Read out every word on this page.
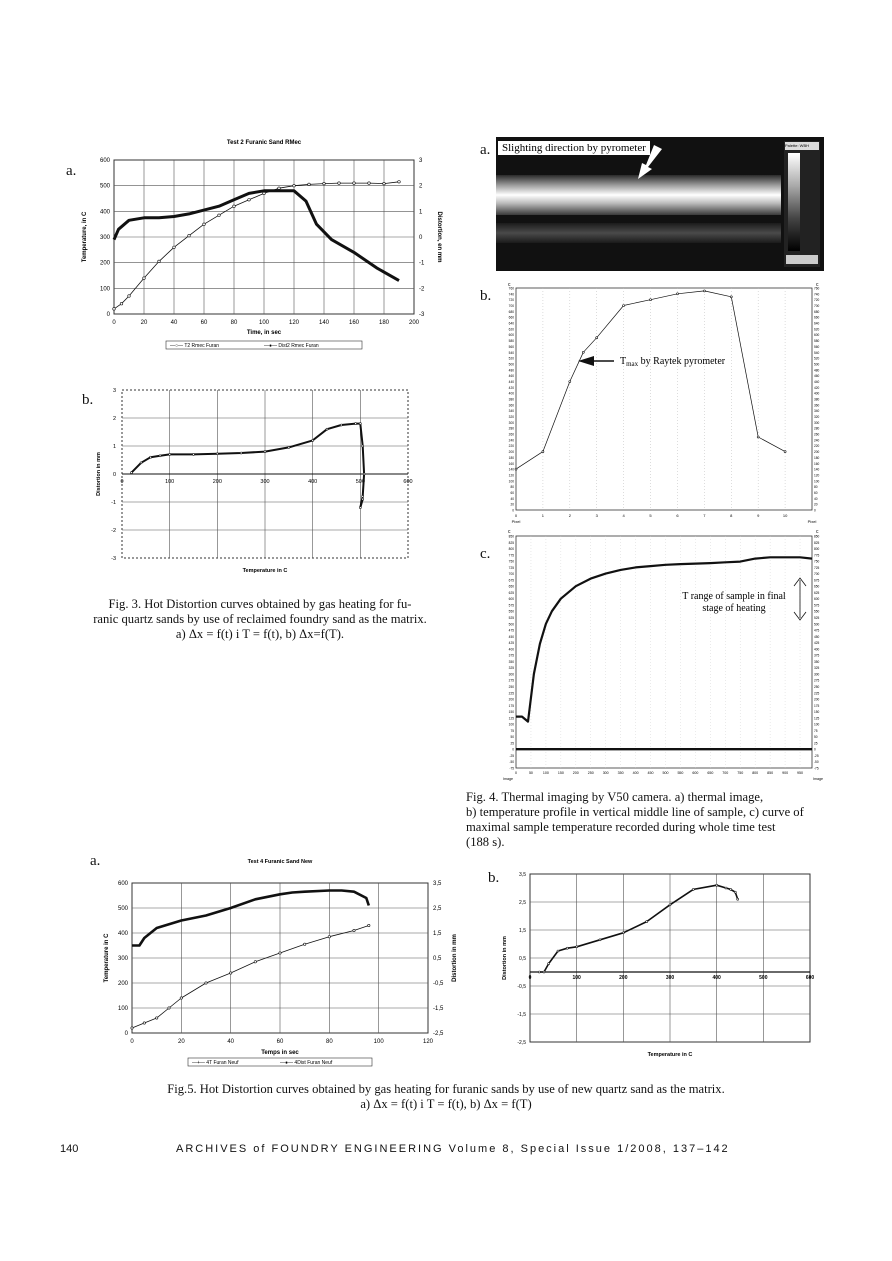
a.
Test 2 Furanic Sand RMec
0	20	40	60	80	100	120	140	160	180	200
0
100
200
300
400
500
600
-3
-2
-1
0
1
2
3
Time, in sec
Temperature, in C	Distortion, en mm
—○— T2 Rmec Furan	—●— Dist2 Rmec Furan
b.
0	100	200	300	400	500	600
-3
-2
-1
0
1
2
3
Temperature in C
Distortion in mm
Fig. 3. Hot Distortion curves obtained by gas heating for fu-
ranic quartz sands by use of reclaimed foundry sand as the matrix.
a) Δx = f(t) i T = f(t), b) Δx=f(T).
a.	Slighting direction by pyrometer	Palette: WBH
b.
c	c
0	0
20	20
40	40
60	60
80	80
100	100
120	120
140	140
160	160
180	180
200	200
220	220
240	240
260	260
280	280
300	300
320	320
340	340
360	360
380	380
400	400
420	420
440	440
460	460
480	480
500	500
520	520
540	540
560	560
580	580
600	600
620	620
640	640
660	660
680	680
700	700
720	720
740	740
760	760
0	1	2	3	4	5	6	7	8	9	10
Pixel	Pixel
$T_{max}$ by Raytek pyrometer
c.
c	c
-75	-75
-50	-50
-25	-25
0	0
25	25
50	50
75	75
100	100
125	125
150	150
175	175
200	200
225	225
250	250
275	275
300	300
325	325
350	350
375	375
400	400
425	425
450	450
475	475
500	500
525	525
550	550
575	575
600	600
625	625
650	650
675	675
700	700
725	725
750	750
775	775
800	800
825	825
850	850
0	50	100 150 200 250 300 350 400 450 500 550 600 650 700 750 800 850 900 950
Image	Image
T range of sample in final
stage of heating
Fig. 4. Thermal imaging by V50 camera. a) thermal image,
b) temperature profile in vertical middle line of sample, c) curve of
maximal sample temperature recorded during whole time test
(188 s).
a.	Test 4 Furanic Sand New
0	20	40	60	80	100	120
0
100
200
300
400
500
600
-2,5
-1,5
-0,5
0,5
1,5
2,5
3,5
Temps in sec
Temperature in C	Distortion in mm
—+— 4T Furan Neuf	—●— 4Dist Furan Neuf
b.
0	100	200	300	400	500	600
-2,5
-1,5
-0,5
0,5
1,5
2,5
3,5
Temperature in C
Distortion in mm
Fig.5. Hot Distortion curves obtained by gas heating for furanic sands by use of new quartz sand as the matrix.
a) Δx = f(t) i T = f(t), b) Δx = f(T)
140	ARCHIVES of FOUNDRY ENGINEERING Volume 8, Special Issue 1/2008, 137–142
